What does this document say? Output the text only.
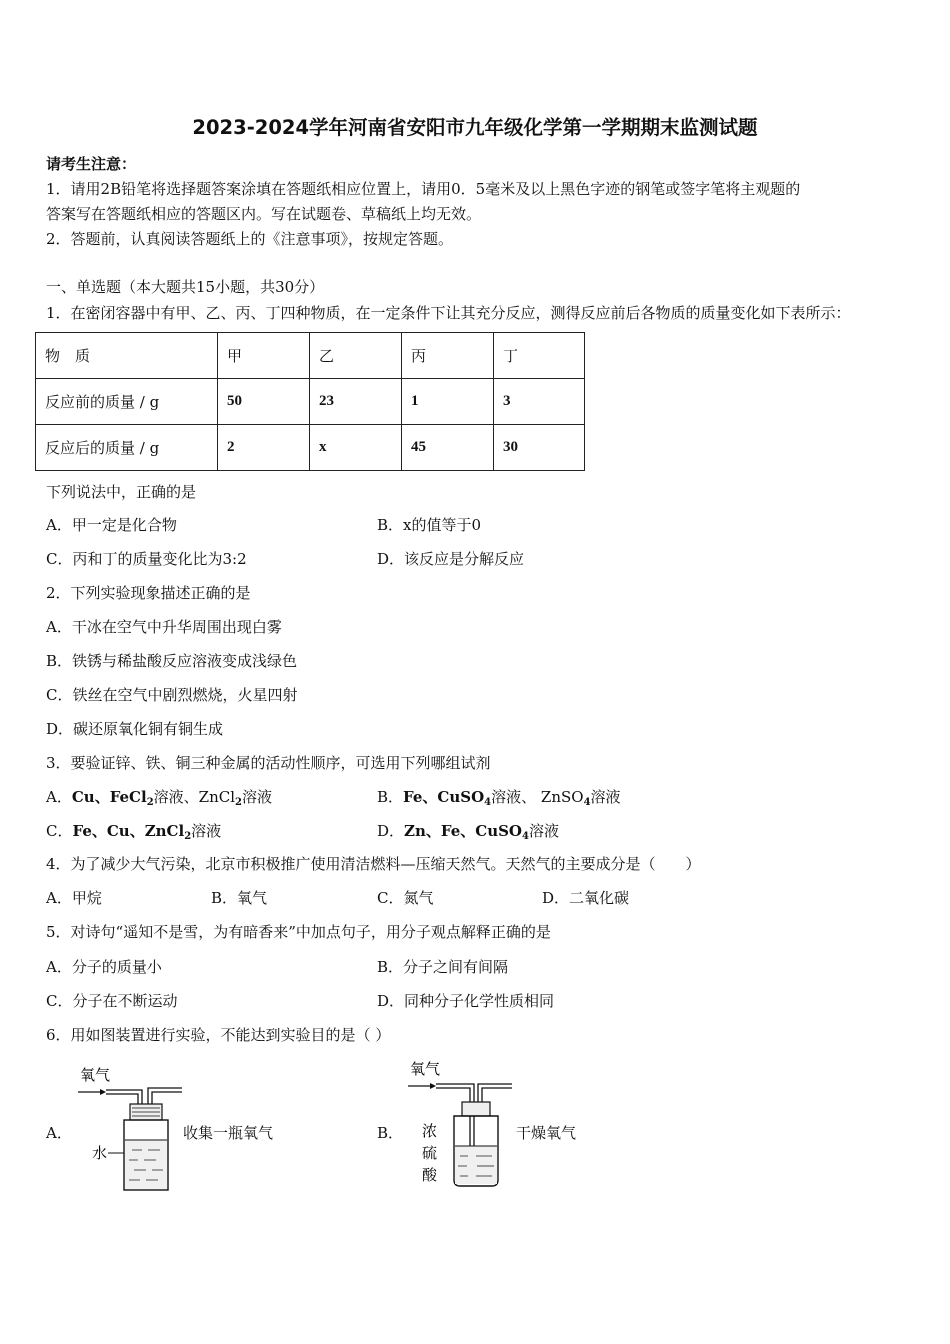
2023-2024学年河南省安阳市九年级化学第一学期期末监测试题
请考生注意：
1．请用2B铅笔将选择题答案涂填在答题纸相应位置上，请用0．5毫米及以上黑色字迹的钢笔或签字笔将主观题的
答案写在答题纸相应的答题区内。写在试题卷、草稿纸上均无效。
2．答题前，认真阅读答题纸上的《注意事项》，按规定答题。
一、单选题（本大题共15小题，共30分）
1．在密闭容器中有甲、乙、丙、丁四种物质，在一定条件下让其充分反应，测得反应前后各物质的质量变化如下表所示：
物　质	甲	乙	丙	丁
反应前的质量 / g	50	23	1	3
反应后的质量 / g	2	x	45	30
下列说法中，正确的是
A．甲一定是化合物	B．x的值等于0
C．丙和丁的质量变化比为3:2	D．该反应是分解反应
2．下列实验现象描述正确的是
A．干冰在空气中升华周围出现白雾
B．铁锈与稀盐酸反应溶液变成浅绿色
C．铁丝在空气中剧烈燃烧，火星四射
D．碳还原氧化铜有铜生成
3．要验证锌、铁、铜三种金属的活动性顺序，可选用下列哪组试剂
A．Cu、FeCl$_2$溶液、ZnCl$_2$溶液	B．Fe、CuSO$_4$溶液、 ZnSO$_4$溶液
C．Fe、Cu、ZnCl$_2$溶液	D．Zn、Fe、CuSO$_4$溶液
4．为了减少大气污染，北京市积极推广使用清洁燃料—压缩天然气。天然气的主要成分是（　　）
A．甲烷	B．氧气	C．氮气	D．二氧化碳
5．对诗句“遥知不是雪，为有暗香来”中加点句子，用分子观点解释正确的是
A．分子的质量小	B．分子之间有间隔
C．分子在不断运动	D．同种分子化学性质相同
6．用如图装置进行实验，不能达到实验目的是（ ）
A．	收集一瓶氧气
氧气
水
B．	干燥氧气
氧气
浓
硫
酸
